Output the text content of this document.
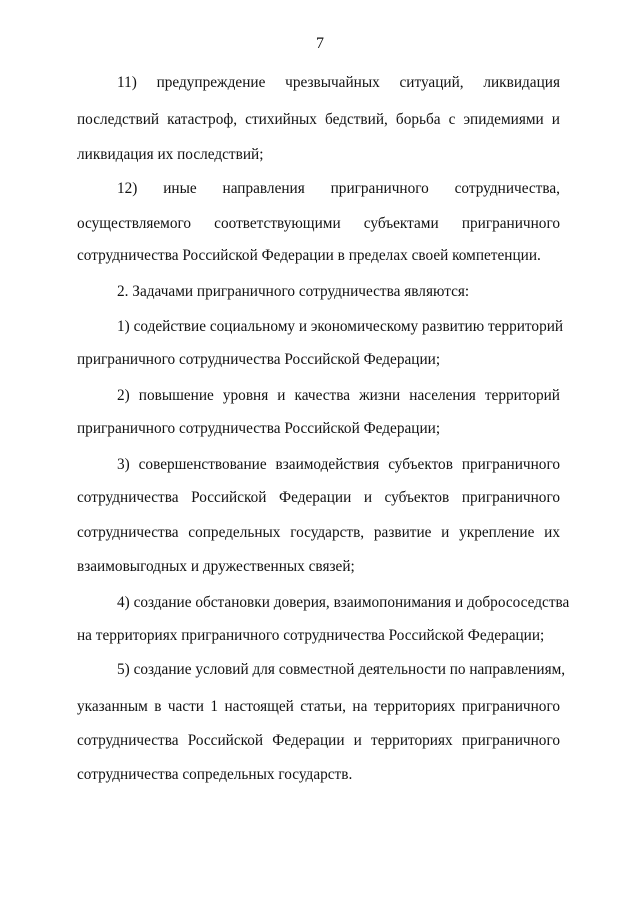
7
11) предупреждение чрезвычайных ситуаций, ликвидация
последствий катастроф, стихийных бедствий, борьба с эпидемиями и
ликвидация их последствий;
12) иные направления приграничного сотрудничества,
осуществляемого соответствующими субъектами приграничного
сотрудничества Российской Федерации в пределах своей компетенции.
2. Задачами приграничного сотрудничества являются:
1) содействие социальному и экономическому развитию территорий
приграничного сотрудничества Российской Федерации;
2) повышение уровня и качества жизни населения территорий
приграничного сотрудничества Российской Федерации;
3) совершенствование взаимодействия субъектов приграничного
сотрудничества Российской Федерации и субъектов приграничного
сотрудничества сопредельных государств, развитие и укрепление их
взаимовыгодных и дружественных связей;
4) создание обстановки доверия, взаимопонимания и добрососедства
на территориях приграничного сотрудничества Российской Федерации;
5) создание условий для совместной деятельности по направлениям,
указанным в части 1 настоящей статьи, на территориях приграничного
сотрудничества Российской Федерации и территориях приграничного
сотрудничества сопредельных государств.
